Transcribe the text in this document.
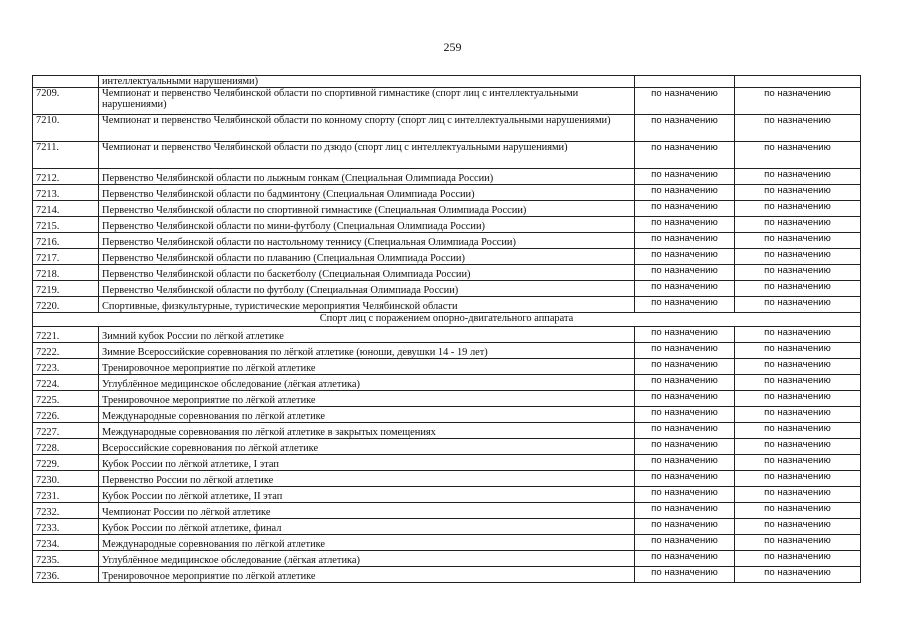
259
	интеллектуальными нарушениями)		
7209.	Чемпионат и первенство Челябинской области по спортивной гимнастике (спорт лиц с интеллектуальными нарушениями)	по назначению	по назначению
7210.	Чемпионат и первенство Челябинской области по конному спорту (спорт лиц с интеллектуальными нарушениями)	по назначению	по назначению
7211.	Чемпионат и первенство Челябинской области по дзюдо (спорт лиц с интеллектуальными нарушениями)	по назначению	по назначению
7212.	Первенство Челябинской области по лыжным гонкам (Специальная Олимпиада России)	по назначению	по назначению
7213.	Первенство Челябинской области по бадминтону (Специальная Олимпиада России)	по назначению	по назначению
7214.	Первенство Челябинской области по спортивной гимнастике (Специальная Олимпиада России)	по назначению	по назначению
7215.	Первенство Челябинской области по мини-футболу (Специальная Олимпиада России)	по назначению	по назначению
7216.	Первенство Челябинской области по настольному теннису (Специальная Олимпиада России)	по назначению	по назначению
7217.	Первенство Челябинской области по плаванию (Специальная Олимпиада России)	по назначению	по назначению
7218.	Первенство Челябинской области по баскетболу (Специальная Олимпиада России)	по назначению	по назначению
7219.	Первенство Челябинской области по футболу (Специальная Олимпиада России)	по назначению	по назначению
7220.	Спортивные, физкультурные, туристические мероприятия Челябинской области	по назначению	по назначению
Спорт лиц с поражением опорно-двигательного аппарата			
7221.	Зимний кубок России по лёгкой атлетике	по назначению	по назначению
7222.	Зимние Всероссийские соревнования по лёгкой атлетике (юноши, девушки 14 - 19 лет)	по назначению	по назначению
7223.	Тренировочное мероприятие по лёгкой атлетике	по назначению	по назначению
7224.	Углублённое медицинское обследование (лёгкая атлетика)	по назначению	по назначению
7225.	Тренировочное мероприятие по лёгкой атлетике	по назначению	по назначению
7226.	Международные соревнования по лёгкой атлетике	по назначению	по назначению
7227.	Международные соревнования по лёгкой атлетике в закрытых помещениях	по назначению	по назначению
7228.	Всероссийские соревнования по лёгкой атлетике	по назначению	по назначению
7229.	Кубок России по лёгкой атлетике, I этап	по назначению	по назначению
7230.	Первенство России по лёгкой атлетике	по назначению	по назначению
7231.	Кубок России по лёгкой атлетике, II этап	по назначению	по назначению
7232.	Чемпионат России по лёгкой атлетике	по назначению	по назначению
7233.	Кубок России по лёгкой атлетике, финал	по назначению	по назначению
7234.	Международные соревнования по лёгкой атлетике	по назначению	по назначению
7235.	Углублённое медицинское обследование (лёгкая атлетика)	по назначению	по назначению
7236.	Тренировочное мероприятие по лёгкой атлетике	по назначению	по назначению
